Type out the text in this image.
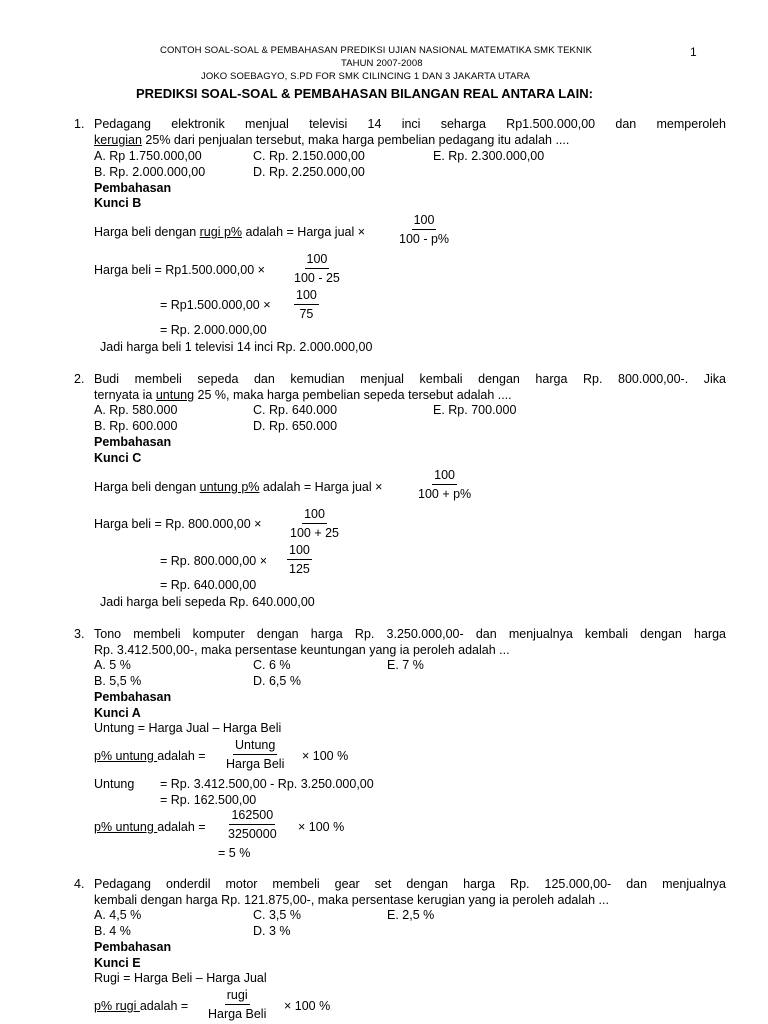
CONTOH SOAL-SOAL & PEMBAHASAN PREDIKSI UJIAN NASIONAL MATEMATIKA SMK TEKNIK	1
TAHUN 2007-2008
JOKO SOEBAGYO, S.PD FOR SMK CILINCING 1 DAN 3 JAKARTA UTARA
PREDIKSI SOAL-SOAL & PEMBAHASAN BILANGAN REAL ANTARA LAIN:
1. Pedagang elektronik menjual televisi 14 inci seharga Rp1.500.000,00 dan memperoleh
kerugian 25% dari penjualan tersebut, maka harga pembelian pedagang itu adalah ....
A. Rp 1.750.000,00	C. Rp. 2.150.000,00	E. Rp. 2.300.000,00
B. Rp. 2.000.000,00	D. Rp. 2.250.000,00
Pembahasan
Kunci B
Harga beli dengan rugi p% adalah = Harga jual ×	$\frac{100}{100 - p\%}$
Harga beli = $Rp1.500.000,00 \times \frac{100}{100 - 25}$
= $Rp1.500.000,00 \times \frac{100}{75}$
= Rp. 2.000.000,00
Jadi harga beli 1 televisi 14 inci Rp. 2.000.000,00
2. Budi membeli sepeda dan kemudian menjual kembali dengan harga Rp. 800.000,00-. Jika
ternyata ia untung 25 %, maka harga pembelian sepeda tersebut adalah ....
A. Rp. 580.000	C. Rp. 640.000	E. Rp. 700.000
B. Rp. 600.000	D. Rp. 650.000
Pembahasan
Kunci C
Harga beli dengan untung p% adalah = Harga jual ×	$\frac{100}{100 + p\%}$
Harga beli = Rp. $800.000,00 \times \frac{100}{100 + 25}$
= Rp. $800.000,00 \times \frac{100}{125}$
= Rp. 640.000,00
Jadi harga beli sepeda Rp. 640.000,00
3. Tono membeli komputer dengan harga Rp. 3.250.000,00- dan menjualnya kembali dengan harga
Rp. 3.412.500,00-, maka persentase keuntungan yang ia peroleh adalah ...
A. 5 %	C. 6 %	E. 7 %
B. 5,5 %	D. 6,5 %
Pembahasan
Kunci A
Untung = Harga Jual – Harga Beli
p% untung adalah =
Untung
Harga Beli
× 100 %
Untung = Rp. 3.412.500,00 - Rp. 3.250.000,00
= Rp. 162.500,00
p% untung adalah = $\frac{162500}{3250000} \times 100$ %
= 5 %
4. Pedagang onderdil motor membeli gear set dengan harga Rp. 125.000,00- dan menjualnya
kembali dengan harga Rp. 121.875,00-, maka persentase kerugian yang ia peroleh adalah ...
A. 4,5 %	C. 3,5 %	E. 2,5 %
B. 4 %	D. 3 %
Pembahasan
Kunci E
Rugi = Harga Beli – Harga Jual
p% rugi adalah =
rugi
Harga Beli
× 100 %
